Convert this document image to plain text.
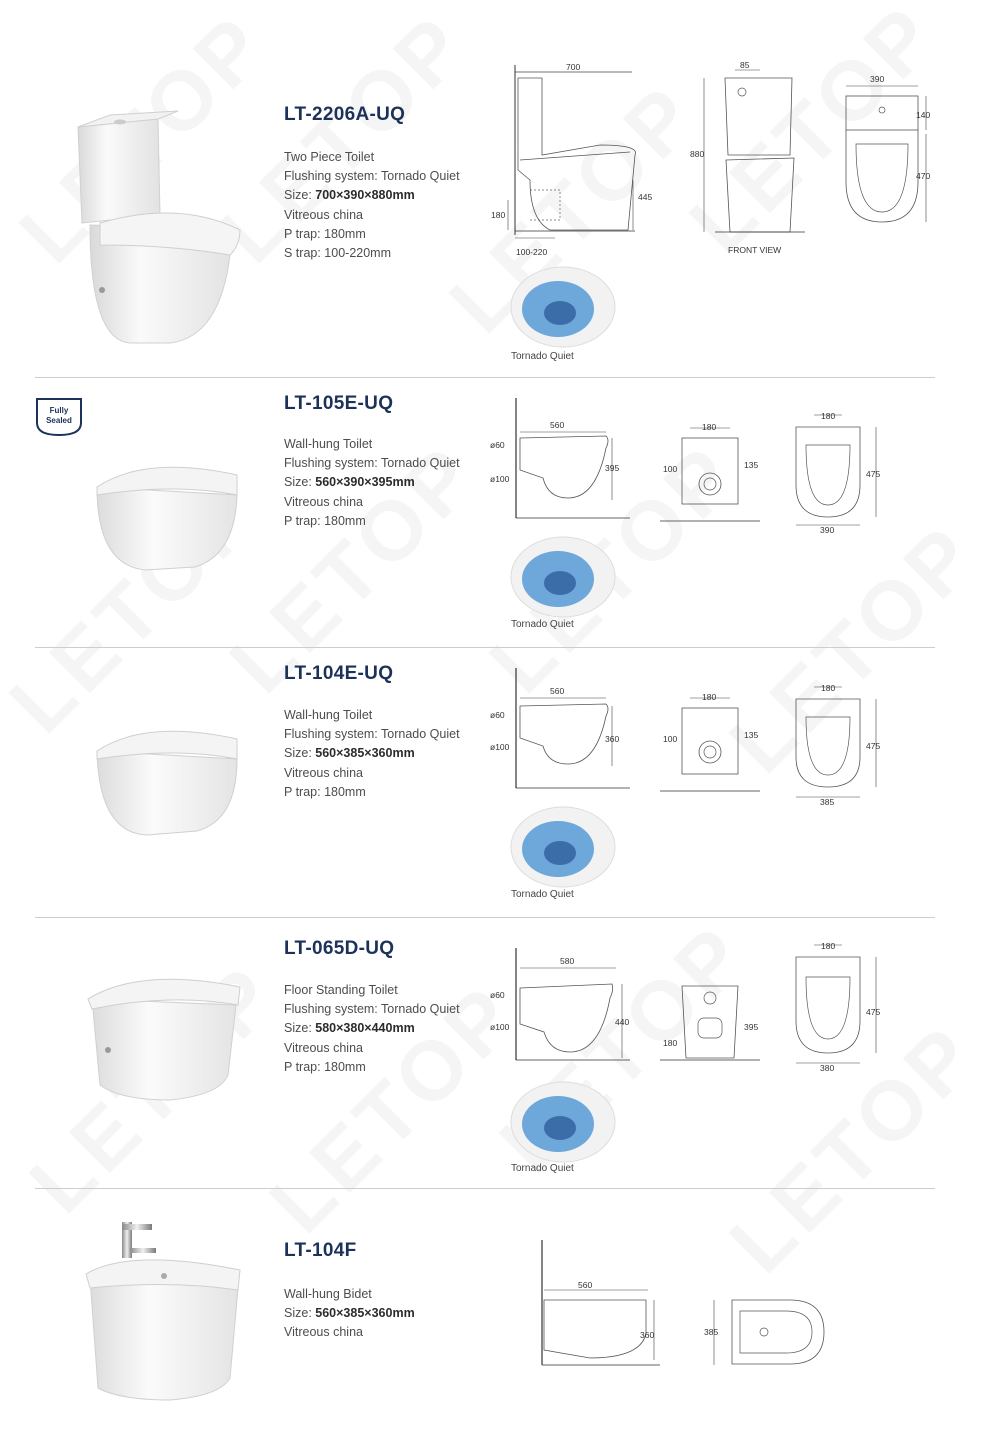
LT-2206A-UQ
Two Piece Toilet
Flushing system: Tornado Quiet
Size: 700×390×880mm
Vitreous china
P trap: 180mm
S trap: 100-220mm
700
445
180
100-220
85
880
FRONT VIEW
390
140
470
Tornado Quiet
Fully
Sealed
LT-105E-UQ
Wall-hung Toilet
Flushing system: Tornado Quiet
Size: 560×390×395mm
Vitreous china
P trap: 180mm
560
ø60
ø100
395
180
100	135
180
475
390
Tornado Quiet
LT-104E-UQ
Wall-hung Toilet
Flushing system: Tornado Quiet
Size: 560×385×360mm
Vitreous china
P trap: 180mm
560
ø60
ø100
360
180
100	135
180
475
385
Tornado Quiet
LT-065D-UQ
Floor Standing Toilet
Flushing system: Tornado Quiet
Size: 580×380×440mm
Vitreous china
P trap: 180mm
580
ø60
ø100	440
180
395
180
475
380
Tornado Quiet
LT-104F
Wall-hung Bidet
Size: 560×385×360mm
Vitreous china
560
360	385
